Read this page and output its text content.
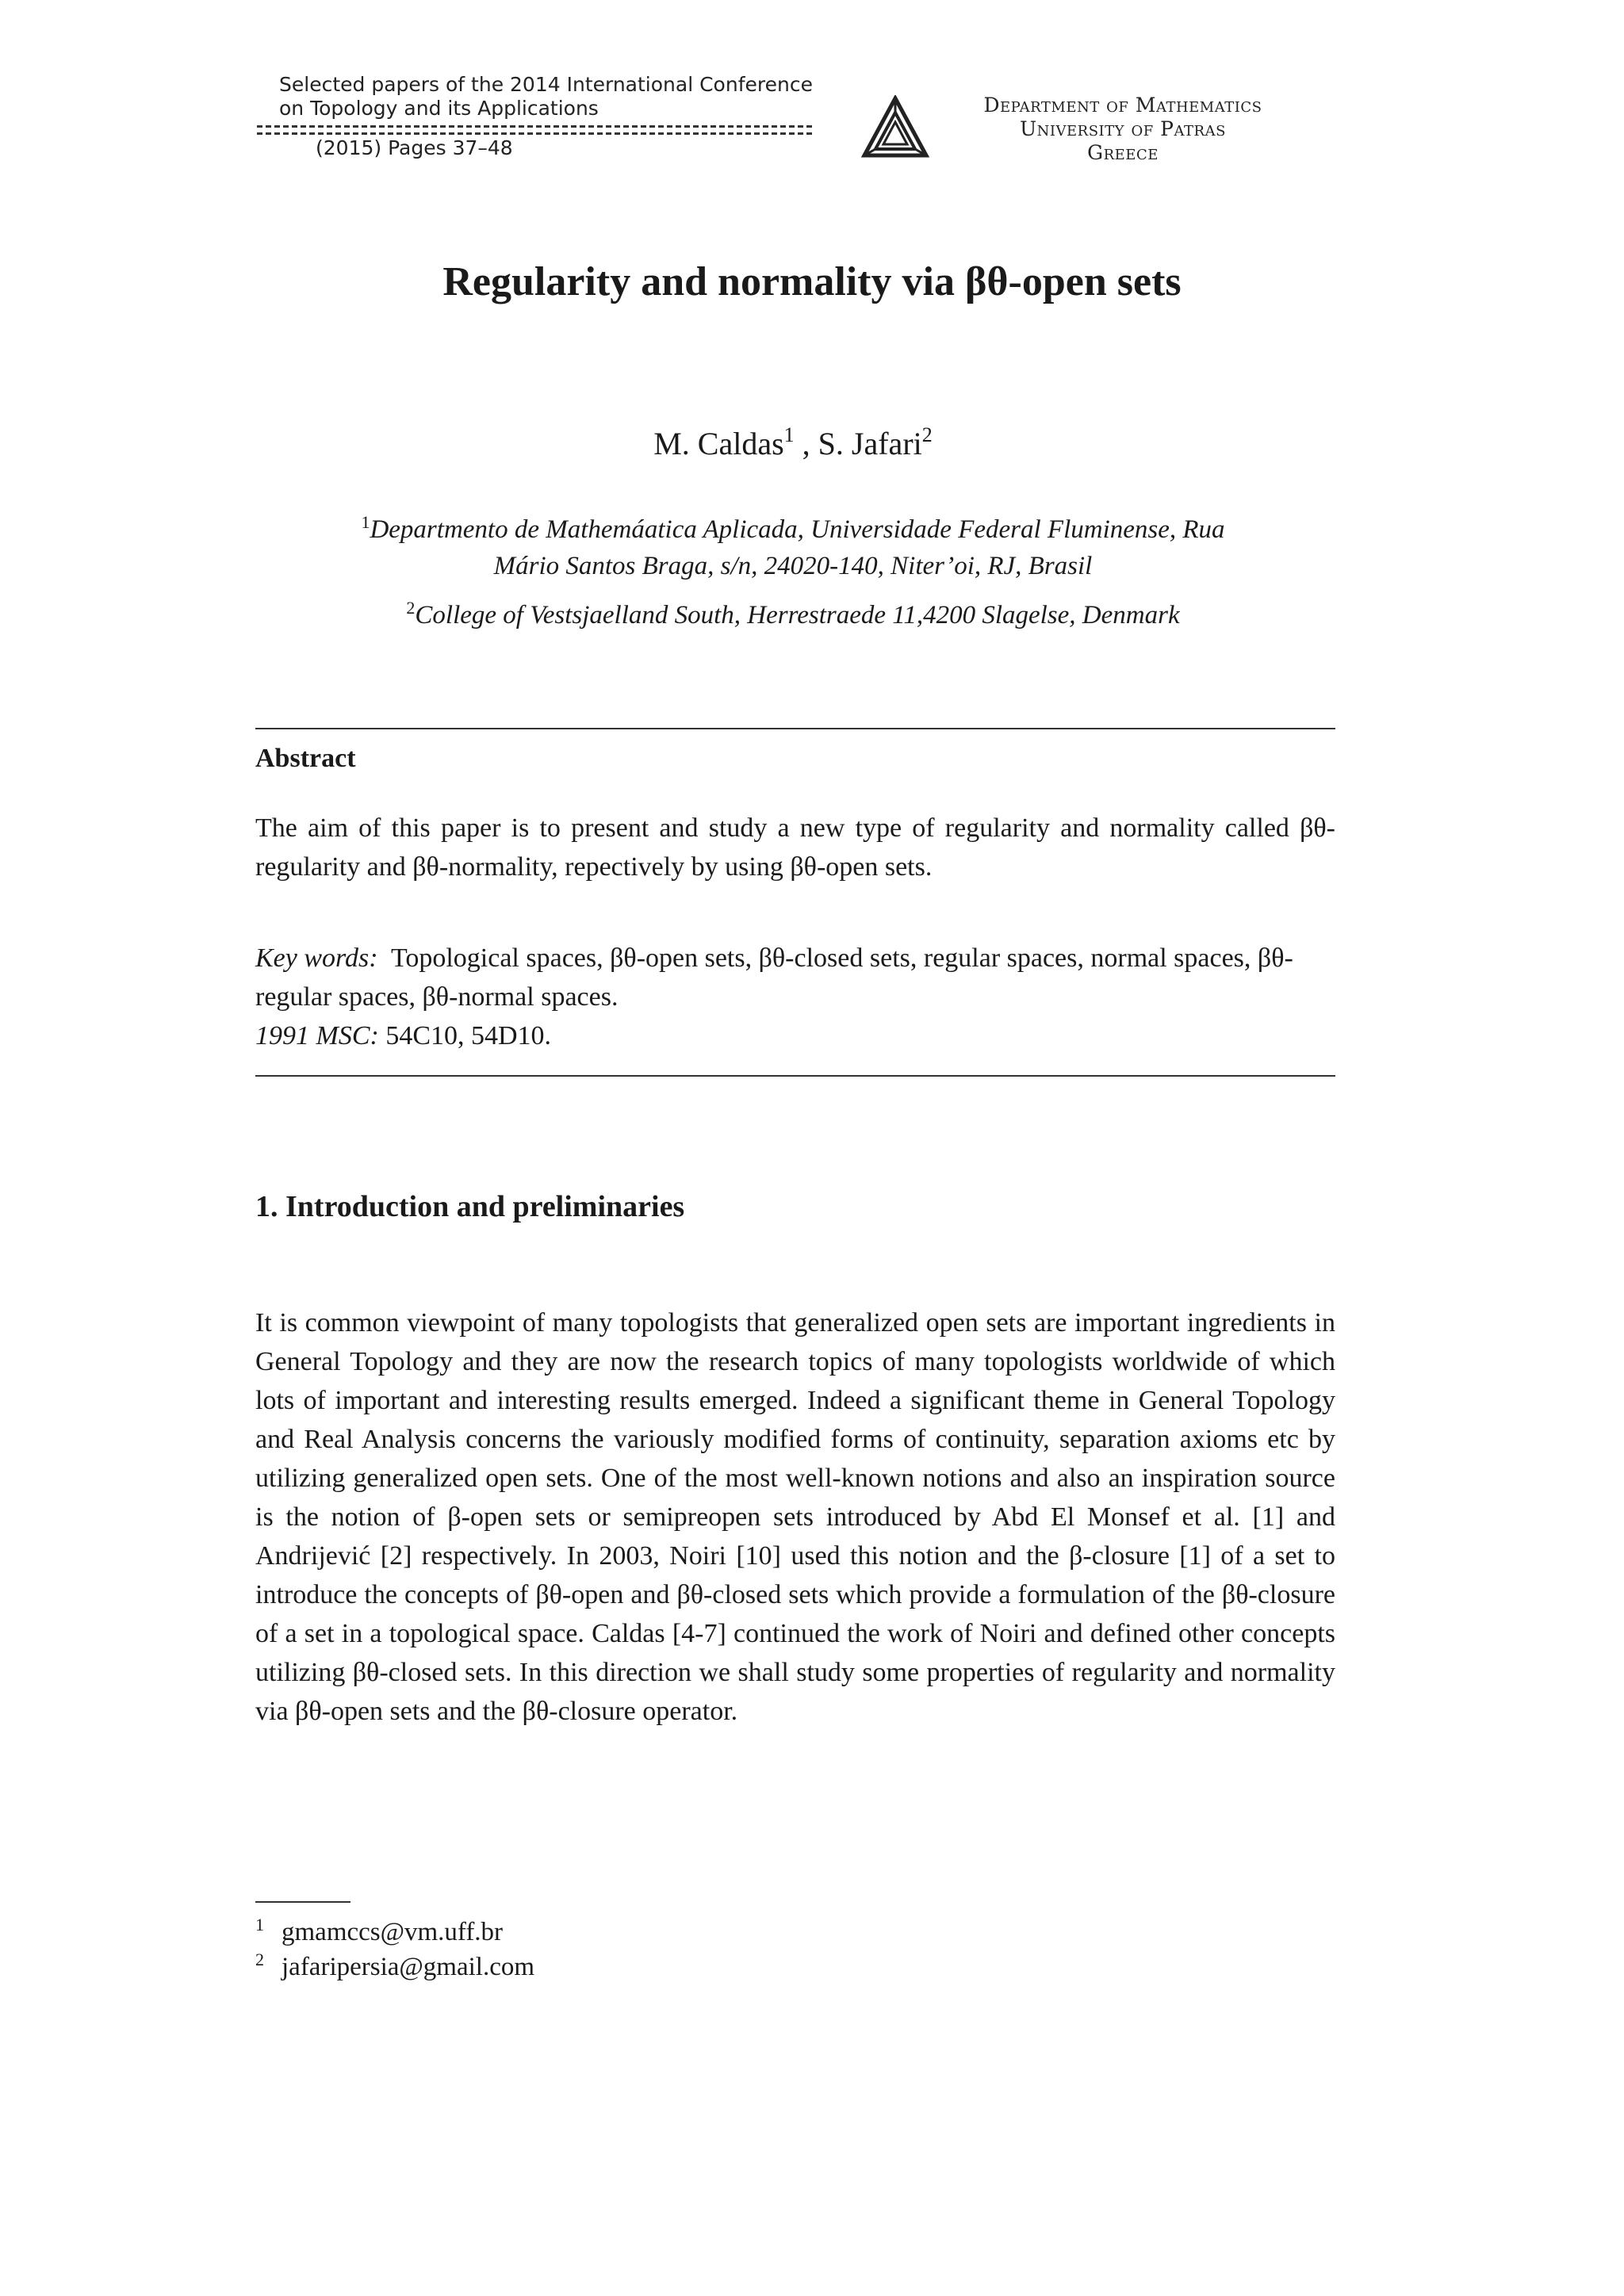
Selected papers of the 2014 International Conference
on Topology and its Applications
(2015) Pages 37–48
Department of Mathematics
University of Patras
Greece
Regularity and normality via βθ-open sets
M. Caldas$^1$ , S. Jafari$^2$
$^1$Departmento de Mathemáatica Aplicada, Universidade Federal Fluminense, Rua
Mário Santos Braga, s/n, 24020-140, Niter’oi, RJ, Brasil
$^2$College of Vestsjaelland South, Herrestraede 11,4200 Slagelse, Denmark
Abstract
The aim of this paper is to present and study a new type of regularity and normality called βθ-regularity and βθ-normality, repectively by using βθ-open sets.
Key words: Topological spaces, βθ-open sets, βθ-closed sets, regular spaces, normal spaces, βθ-regular spaces, βθ-normal spaces.
1991 MSC: 54C10, 54D10.
1. Introduction and preliminaries
It is common viewpoint of many topologists that generalized open sets are important ingredients in General Topology and they are now the research topics of many topologists worldwide of which lots of important and interesting results emerged. Indeed a significant theme in General Topology and Real Analysis concerns the variously modified forms of continuity, separation axioms etc by utilizing generalized open sets. One of the most well-known notions and also an inspiration source is the notion of β-open sets or semipreopen sets introduced by Abd El Monsef et al. [1] and Andrijević [2] respectively. In 2003, Noiri [10] used this notion and the β-closure [1] of a set to introduce the concepts of βθ-open and βθ-closed sets which provide a formulation of the βθ-closure of a set in a topological space. Caldas [4-7] continued the work of Noiri and defined other concepts utilizing βθ-closed sets. In this direction we shall study some properties of regularity and normality via βθ-open sets and the βθ-closure operator.
$^1$ gmamccs@vm.uff.br
$^2$ jafaripersia@gmail.com
